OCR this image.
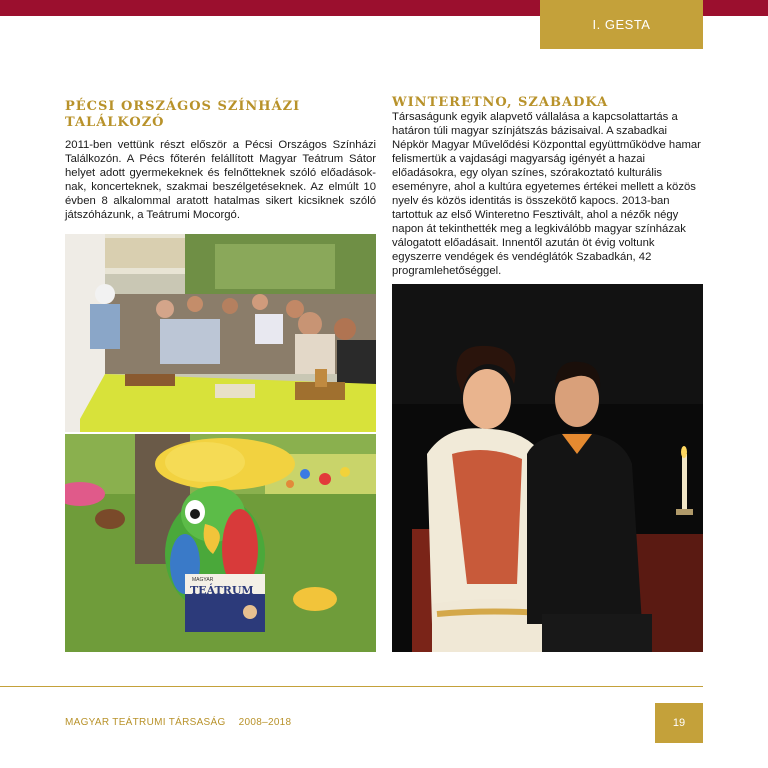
I. GESTA
PÉCSI ORSZÁGOS SZÍNHÁZI
TALÁLKOZÓ

2011-ben vettünk részt először a Pécsi Országos Színházi Találkozón. A Pécs főterén felállított Magyar Teátrum Sátor helyet adott gyermekeknek és felnőtteknek szóló előadások-nak, koncerteknek, szakmai beszélgetéseknek. Az elmúlt 10 évben 8 alkalommal aratott hatalmas sikert kicsiknek szóló játszóházunk, a Teátrumi Mocorgó.

MAGYAR
TEÁTRUM
WINTERETNO, SZABADKA

Társaságunk egyik alapvető vállalása a kapcsolattartás a határon túli magyar színjátszás bázisaival. A szabadkai Népkör Magyar Művelődési Központtal együttműködve hamar felismertük a vajdasági magyarság igényét a hazai előadásokra, egy olyan színes, szórakoztató kulturális eseményre, ahol a kultúra egyetemes értékei mellett a közös nyelv és közös identitás is összekötő kapocs. 2013-ban tartottuk az első Winteretno Fesztivált, ahol a nézők négy napon át tekinthették meg a legkiválóbb magyar színházak válogatott előadásait. Innentől azután öt évig voltunk egyszerre vendégek és vendéglátók Szabadkán, 42 programlehetőséggel.

MAGYAR TEÁTRUMI TÁRSASÁG 2008–2018	19
